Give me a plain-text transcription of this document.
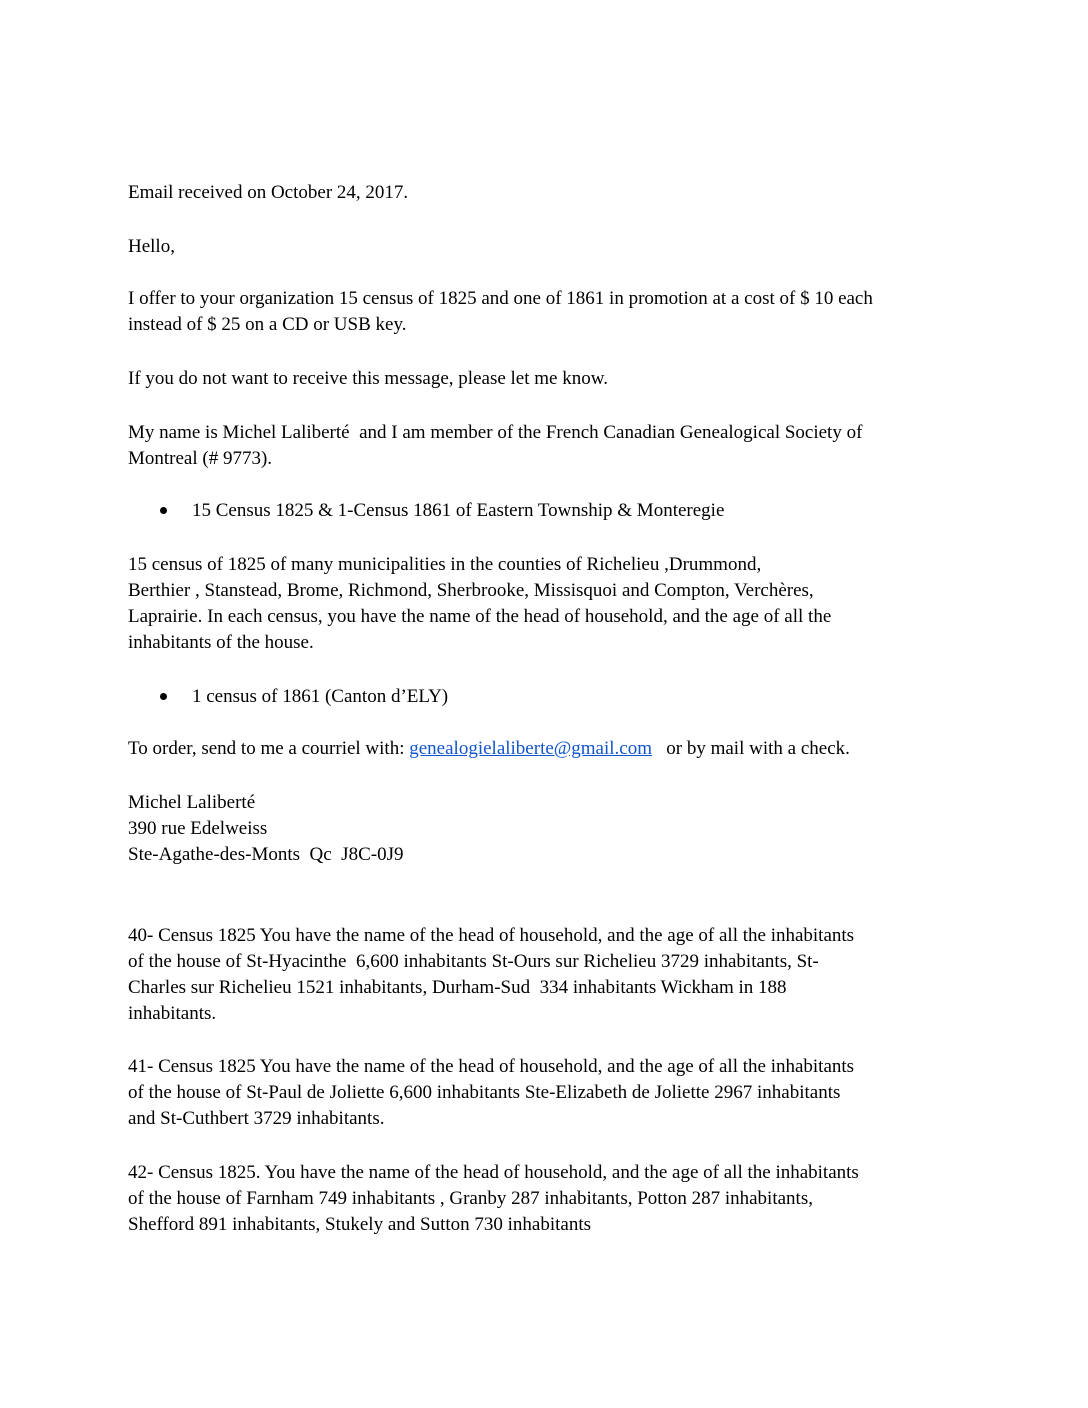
Email received on October 24, 2017.
Hello,
I offer to your organization 15 census of 1825 and one of 1861 in promotion at a cost of $ 10 each
instead of $ 25 on a CD or USB key.
If you do not want to receive this message, please let me know.
My name is Michel Laliberté  and I am member of the French Canadian Genealogical Society of
Montreal (# 9773).
15 Census 1825 & 1-Census 1861 of Eastern Township & Monteregie
15 census of 1825 of many municipalities in the counties of Richelieu ,Drummond,
Berthier , Stanstead, Brome, Richmond, Sherbrooke, Missisquoi and Compton, Verchères,
Laprairie. In each census, you have the name of the head of household, and the age of all the
inhabitants of the house.
1 census of 1861 (Canton d’ELY)
To order, send to me a courriel with: genealogielaliberte@gmail.com   or by mail with a check.
Michel Laliberté
390 rue Edelweiss
Ste-Agathe-des-Monts  Qc  J8C-0J9
40- Census 1825 You have the name of the head of household, and the age of all the inhabitants
of the house of St-Hyacinthe  6,600 inhabitants St-Ours sur Richelieu 3729 inhabitants, St-
Charles sur Richelieu 1521 inhabitants, Durham-Sud  334 inhabitants Wickham in 188
inhabitants.
41- Census 1825 You have the name of the head of household, and the age of all the inhabitants
of the house of St-Paul de Joliette 6,600 inhabitants Ste-Elizabeth de Joliette 2967 inhabitants
and St-Cuthbert 3729 inhabitants.
42- Census 1825. You have the name of the head of household, and the age of all the inhabitants
of the house of Farnham 749 inhabitants , Granby 287 inhabitants, Potton 287 inhabitants,
Shefford 891 inhabitants, Stukely and Sutton 730 inhabitants
